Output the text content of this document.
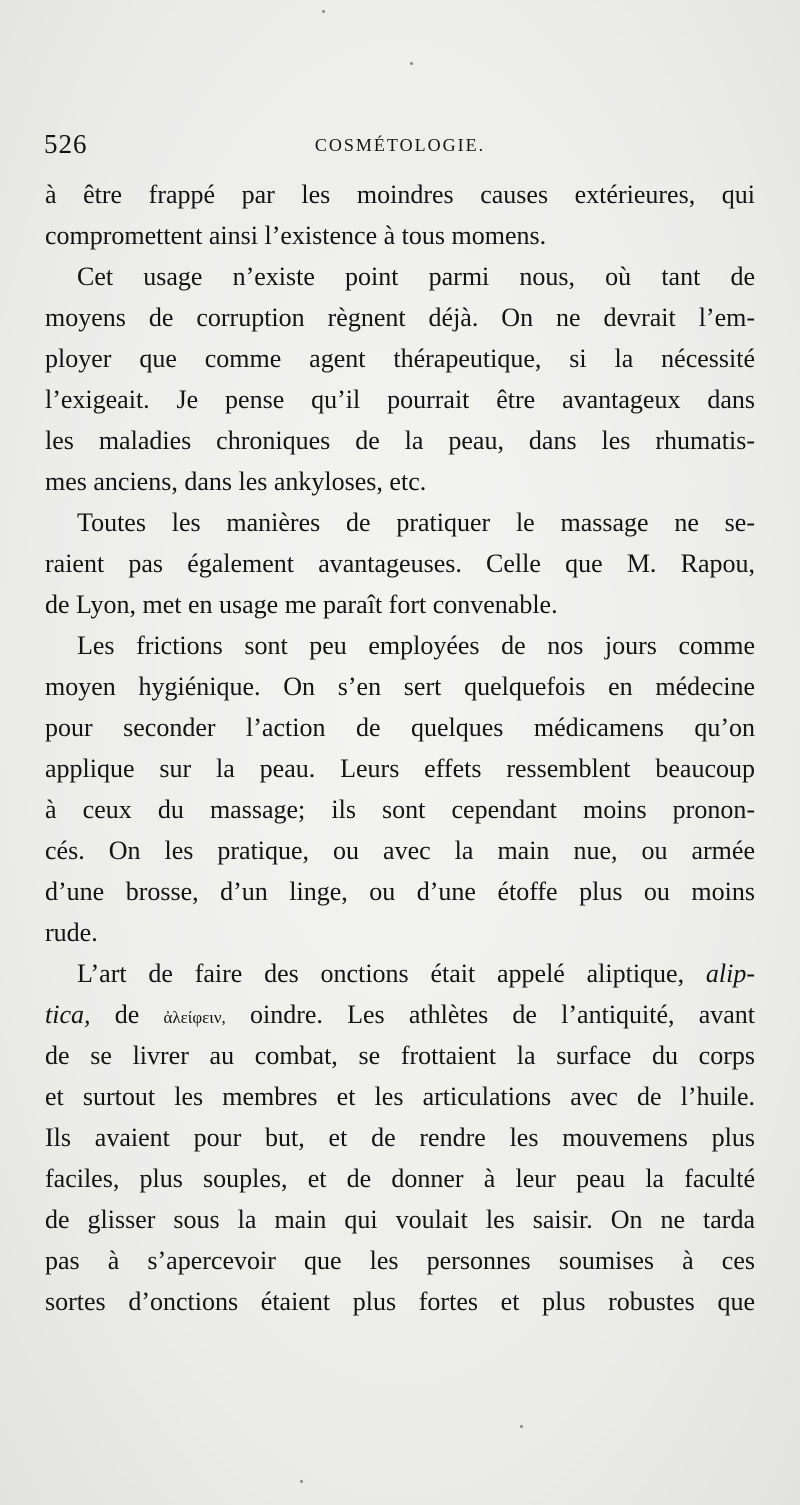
526	COSMÉTOLOGIE.
à être frappé par les moindres causes extérieures, qui
compromettent ainsi l’existence à tous momens.
Cet usage n’existe point parmi nous, où tant de
moyens de corruption règnent déjà. On ne devrait l’em-
ployer que comme agent thérapeutique, si la nécessité
l’exigeait. Je pense qu’il pourrait être avantageux dans
les maladies chroniques de la peau, dans les rhumatis-
mes anciens, dans les ankyloses, etc.
Toutes les manières de pratiquer le massage ne se-
raient pas également avantageuses. Celle que M. Rapou,
de Lyon, met en usage me paraît fort convenable.
Les frictions sont peu employées de nos jours comme
moyen hygiénique. On s’en sert quelquefois en médecine
pour seconder l’action de quelques médicamens qu’on
applique sur la peau. Leurs effets ressemblent beaucoup
à ceux du massage; ils sont cependant moins pronon-
cés. On les pratique, ou avec la main nue, ou armée
d’une brosse, d’un linge, ou d’une étoffe plus ou moins
rude.
L’art de faire des onctions était appelé aliptique, alip-
tica, de ἀλείφειν, oindre. Les athlètes de l’antiquité, avant
de se livrer au combat, se frottaient la surface du corps
et surtout les membres et les articulations avec de l’huile.
Ils avaient pour but, et de rendre les mouvemens plus
faciles, plus souples, et de donner à leur peau la faculté
de glisser sous la main qui voulait les saisir. On ne tarda
pas à s’apercevoir que les personnes soumises à ces
sortes d’onctions étaient plus fortes et plus robustes que
